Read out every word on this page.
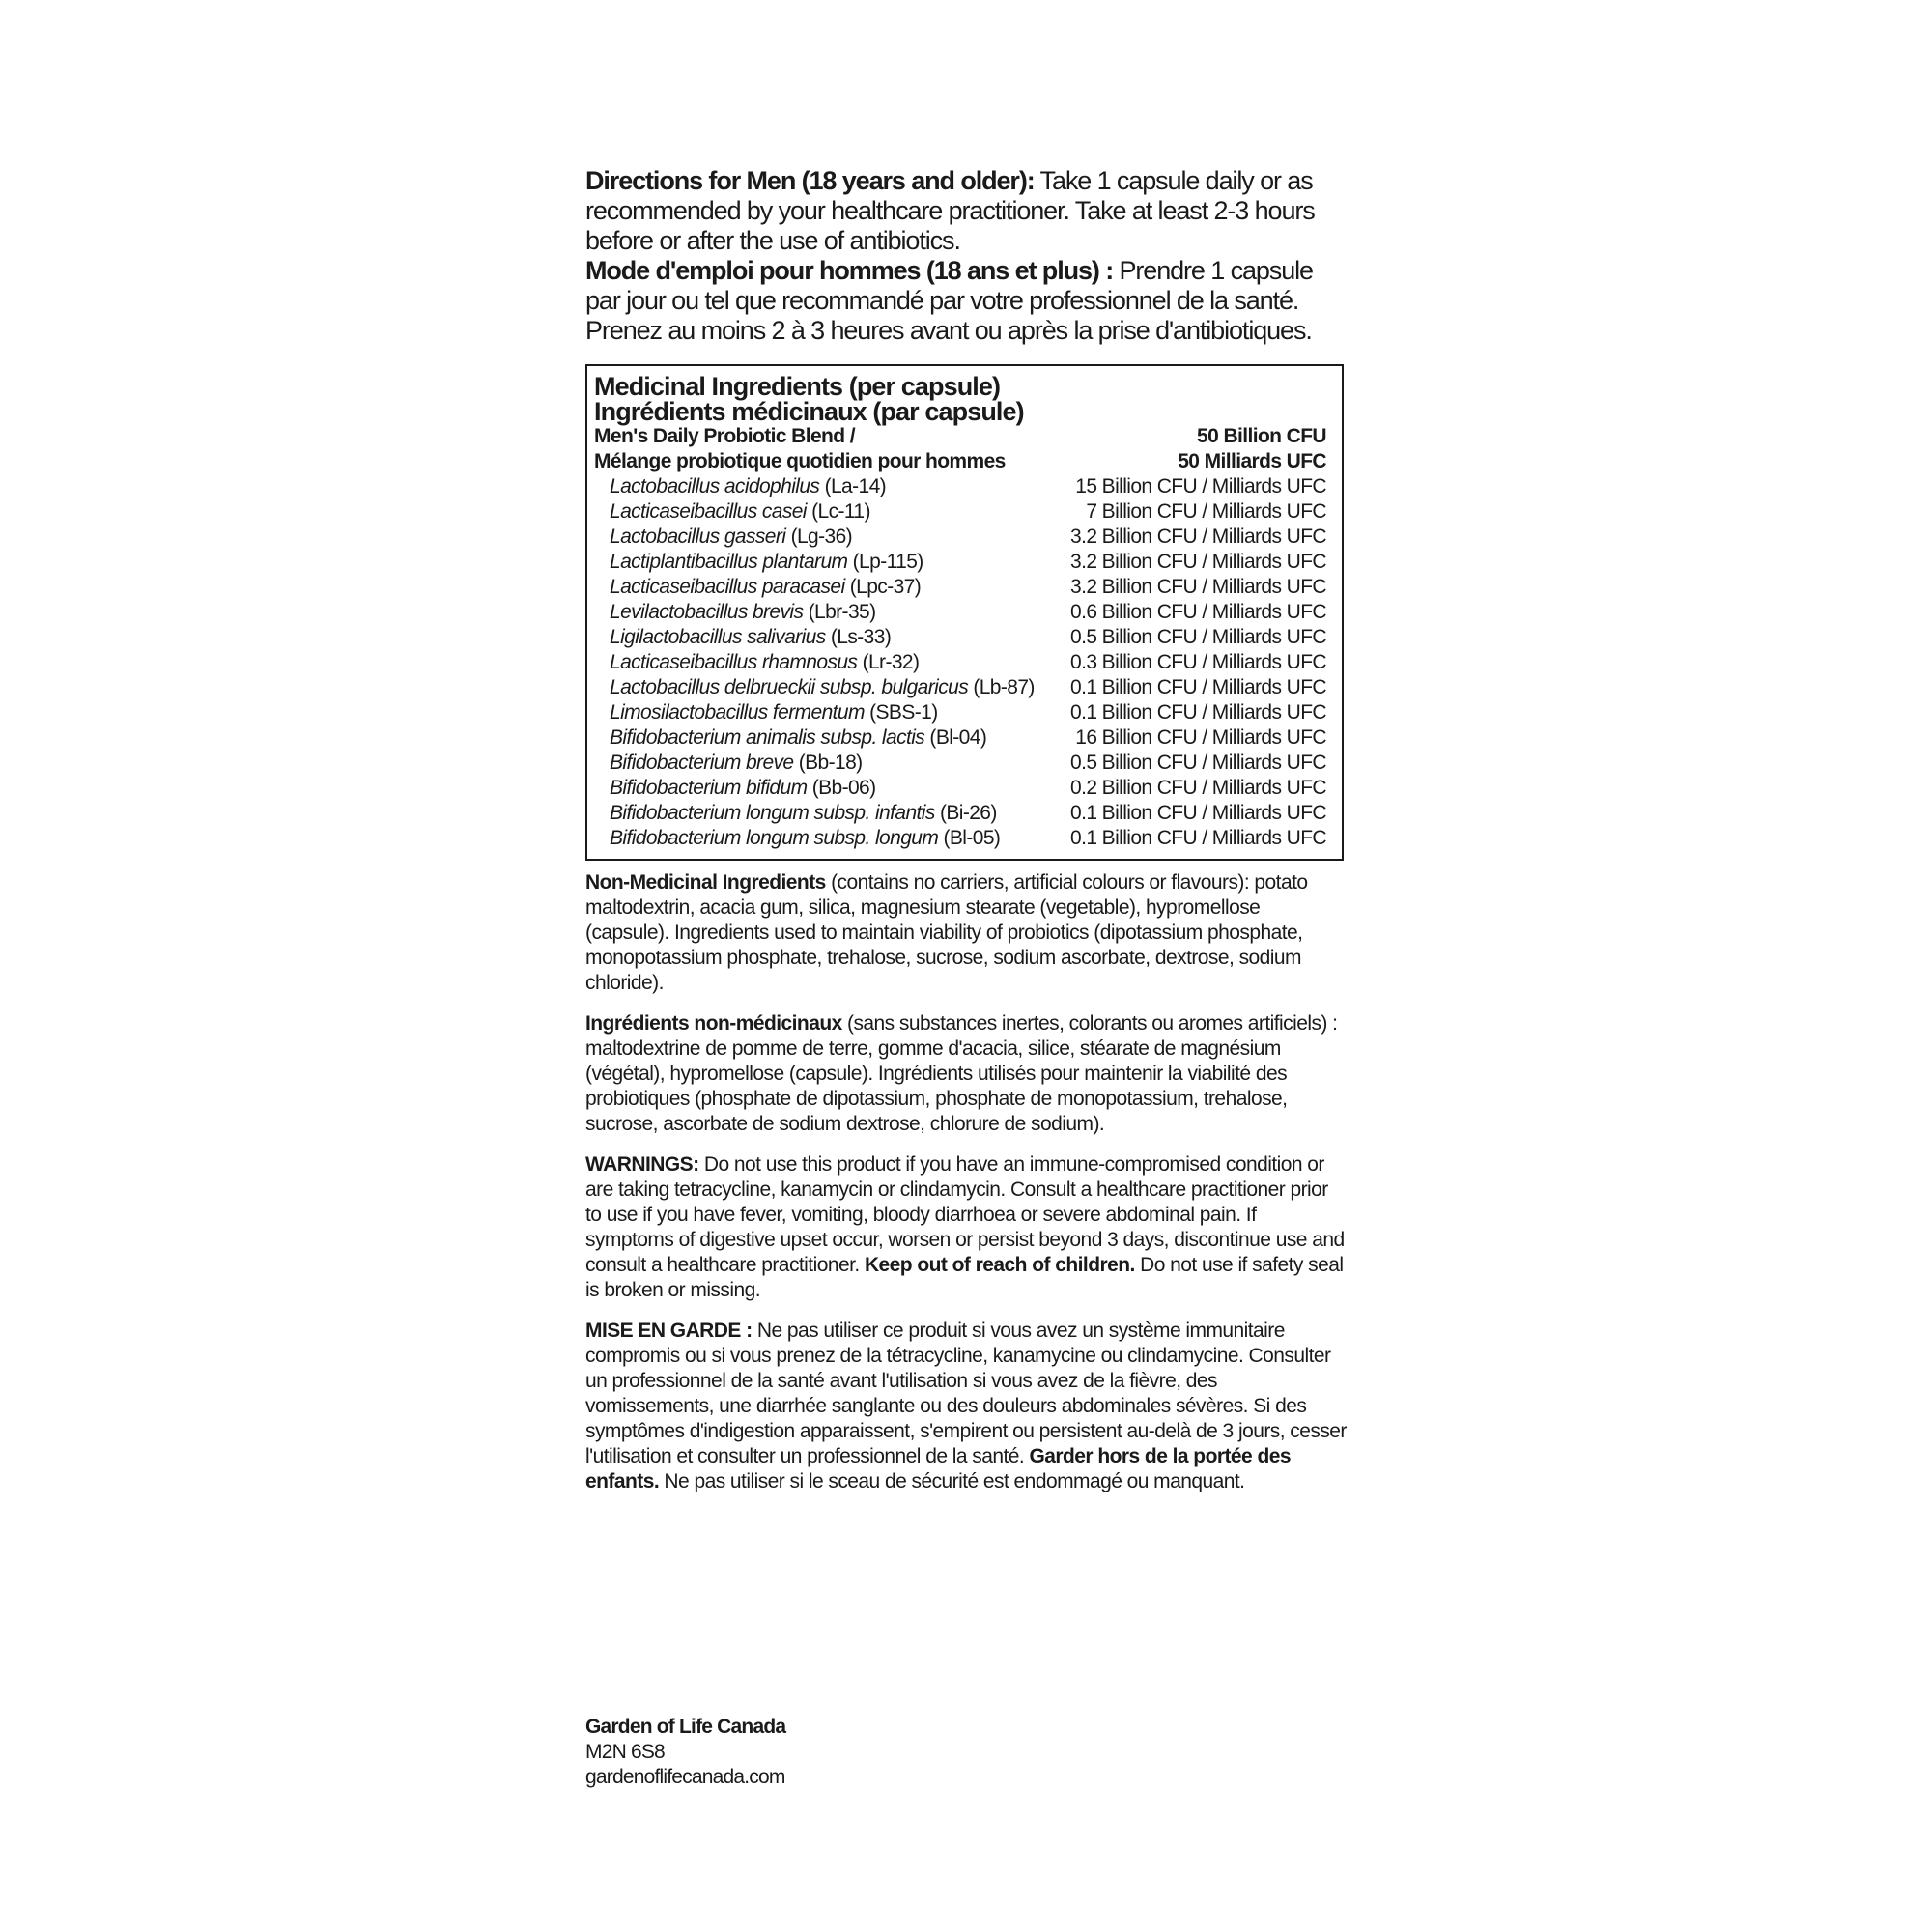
Directions for Men (18 years and older): Take 1 capsule daily or as recommended by your healthcare practitioner. Take at least 2-3 hours before or after the use of antibiotics.

Mode d'emploi pour hommes (18 ans et plus) : Prendre 1 capsule par jour ou tel que recommandé par votre professionnel de la santé. Prenez au moins 2 à 3 heures avant ou après la prise d'antibiotiques.

Medicinal Ingredients (per capsule)
Ingrédients médicinaux (par capsule)
Men's Daily Probiotic Blend /	50 Billion CFU
Mélange probiotique quotidien pour hommes	50 Milliards UFC
Lactobacillus acidophilus (La-14)	15 Billion CFU / Milliards UFC
Lacticaseibacillus casei (Lc-11)	7 Billion CFU / Milliards UFC
Lactobacillus gasseri (Lg-36)	3.2 Billion CFU / Milliards UFC
Lactiplantibacillus plantarum (Lp-115)	3.2 Billion CFU / Milliards UFC
Lacticaseibacillus paracasei (Lpc-37)	3.2 Billion CFU / Milliards UFC
Levilactobacillus brevis (Lbr-35)	0.6 Billion CFU / Milliards UFC
Ligilactobacillus salivarius (Ls-33)	0.5 Billion CFU / Milliards UFC
Lacticaseibacillus rhamnosus (Lr-32)	0.3 Billion CFU / Milliards UFC
Lactobacillus delbrueckii subsp. bulgaricus (Lb-87) 0.1 Billion CFU / Milliards UFC
Limosilactobacillus fermentum (SBS-1)	0.1 Billion CFU / Milliards UFC
Bifidobacterium animalis subsp. lactis (Bl-04)	16 Billion CFU / Milliards UFC
Bifidobacterium breve (Bb-18)	0.5 Billion CFU / Milliards UFC
Bifidobacterium bifidum (Bb-06)	0.2 Billion CFU / Milliards UFC
Bifidobacterium longum subsp. infantis (Bi-26)	0.1 Billion CFU / Milliards UFC
Bifidobacterium longum subsp. longum (Bl-05)	0.1 Billion CFU / Milliards UFC

Non-Medicinal Ingredients (contains no carriers, artificial colours or flavours): potato maltodextrin, acacia gum, silica, magnesium stearate (vegetable), hypromellose (capsule). Ingredients used to maintain viability of probiotics (dipotassium phosphate, monopotassium phosphate, trehalose, sucrose, sodium ascorbate, dextrose, sodium chloride).

Ingrédients non-médicinaux (sans substances inertes, colorants ou aromes artificiels) : maltodextrine de pomme de terre, gomme d'acacia, silice, stéarate de magnésium (végétal), hypromellose (capsule). Ingrédients utilisés pour maintenir la viabilité des probiotiques (phosphate de dipotassium, phosphate de monopotassium, trehalose, sucrose, ascorbate de sodium dextrose, chlorure de sodium).

WARNINGS: Do not use this product if you have an immune-compromised condition or are taking tetracycline, kanamycin or clindamycin. Consult a healthcare practitioner prior to use if you have fever, vomiting, bloody diarrhoea or severe abdominal pain. If symptoms of digestive upset occur, worsen or persist beyond 3 days, discontinue use and consult a healthcare practitioner. Keep out of reach of children. Do not use if safety seal is broken or missing.

MISE EN GARDE : Ne pas utiliser ce produit si vous avez un système immunitaire compromis ou si vous prenez de la tétracycline, kanamycine ou clindamycine. Consulter un professionnel de la santé avant l'utilisation si vous avez de la fièvre, des vomissements, une diarrhée sanglante ou des douleurs abdominales sévères. Si des symptômes d'indigestion apparaissent, s'empirent ou persistent au-delà de 3 jours, cesser l'utilisation et consulter un professionnel de la santé. Garder hors de la portée des enfants. Ne pas utiliser si le sceau de sécurité est endommagé ou manquant.

Garden of Life Canada
M2N 6S8
gardenoflifecanada.com
